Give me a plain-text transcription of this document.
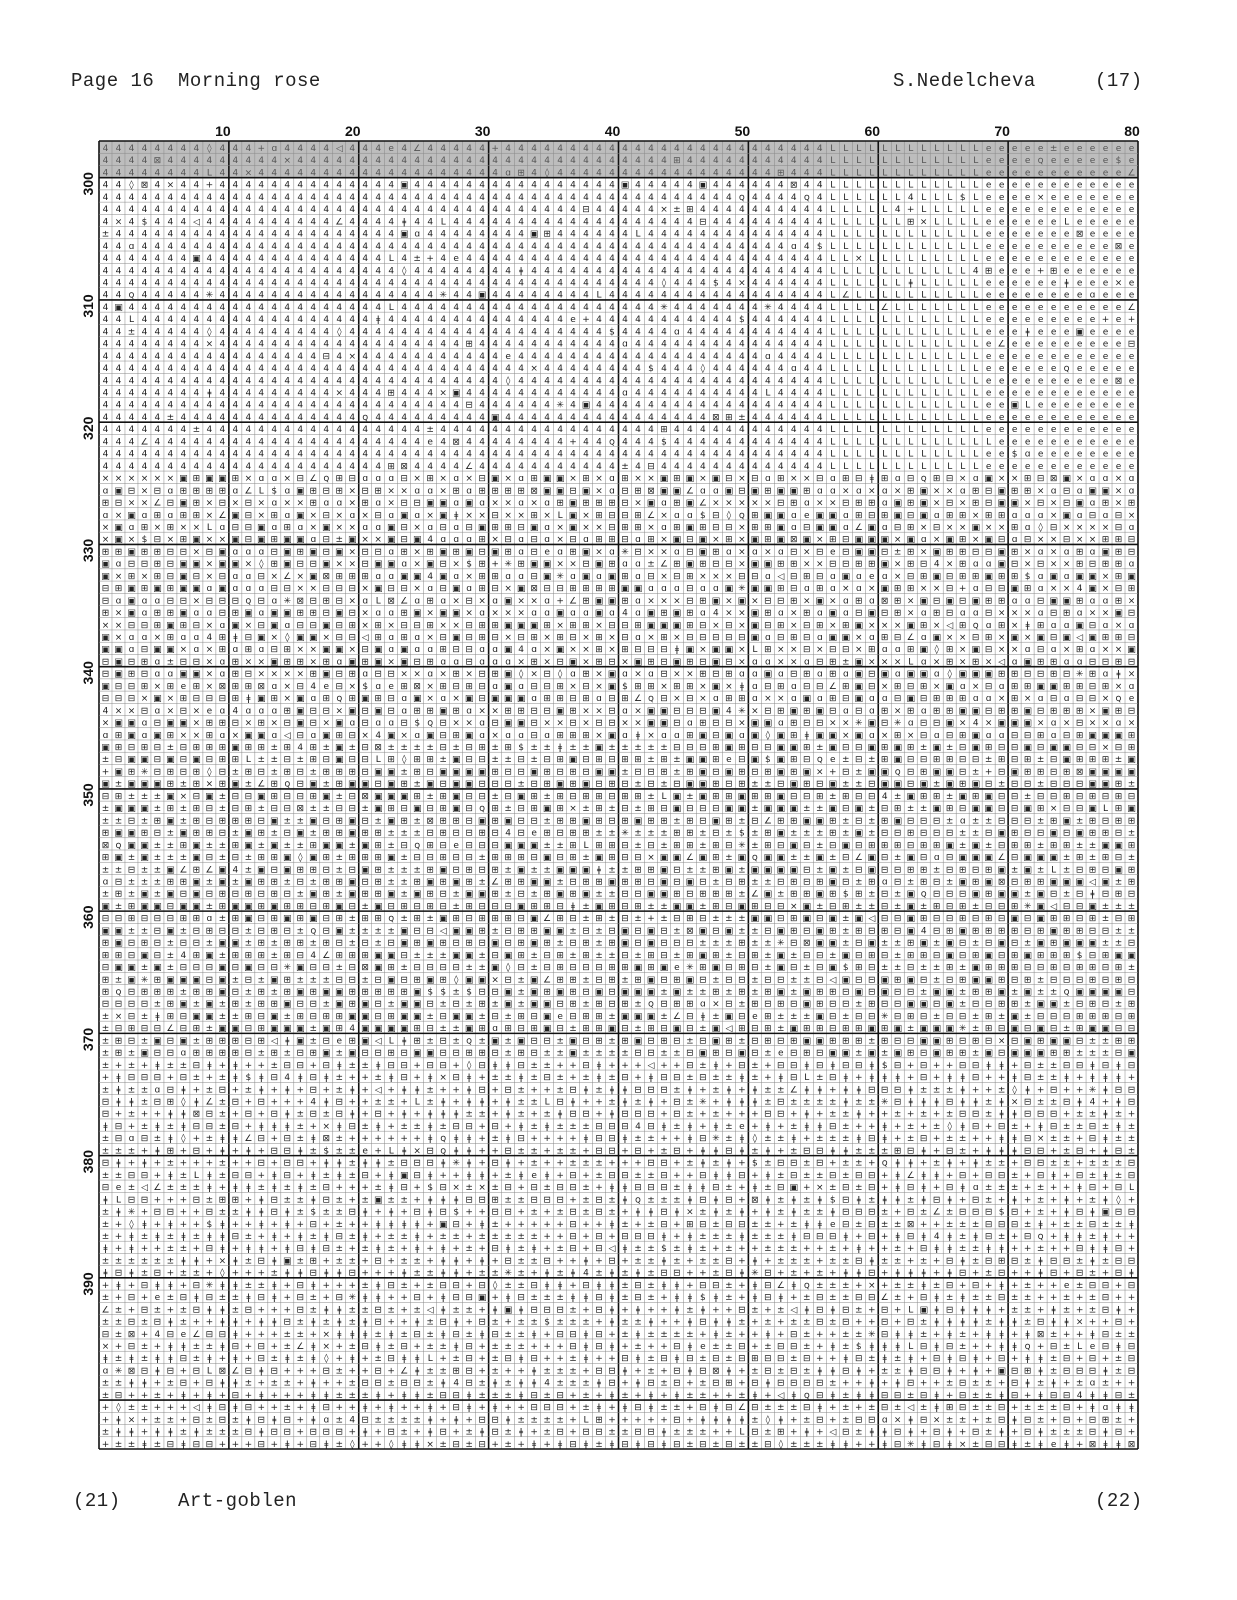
Page 16 Morning rose	S.Nedelcheva	(17)
4 4 4 4 4 4 4 4 ◊ 4 4 4 + ɑ 4 4 4 4 ◁ 4 4 4 e 4 ∠ 4 4 4 4 4 + 4 4 4 4 4 4 4 4 4 4 4 4 4 4 4 4 4 4 4 4 4 4 4 4 4 L L L L L L L L L L L L e e e e e ± e e e e e e
4 4 4 4 ⊠ 4 4 4 4 4 4 4 4 4 × 4 4 4 4 4 4 4 4 4 4 4 4 4 4 4 4 4 4 4 4 4 4 4 4 4 4 4 4 4 ⊞ 4 4 4 4 4 4 4 4 4 4 4 L L L L L L L L L L L L e e e e ꞯ e e e e e $ e
4 4 4 4 4 4 4 4 L 4 4 × 4 4 4 4 4 4 4 4 4 4 4 4 4 4 4 4 4 4 4 ɑ ⊞ 4 ◊ 4 4 4 4 4 4 4 4 4 4 4 4 4 4 4 4 4 ⊞ 4 4 4 L L L L L L L L L L L L e e e e e e e e e e e ∠
4 4 ◊ ⊠ 4 × 4 4 + 4 4 4 4 4 4 4 4 4 4 4 4 4 4 ▣ 4 4 4 4 4 4 4 4 4 4 4 4 4 4 4 4 ▣ 4 4 4 4 4 ▣ 4 4 4 4 4 4 ⊠ 4 4 L L L L L L L L L L L L e e e e e e e e e e e e
4 4 4 4 4 4 4 4 4 4 4 4 4 4 4 4 4 4 4 4 4 4 4 4 4 4 4 4 4 4 4 4 4 4 4 4 4 4 4 4 4 4 4 4 4 4 4 4 4 ꞯ 4 4 4 4 ꞯ 4 L L L L L L 4 L L L $ L e e e e × e e e e e e e
4 4 4 4 4 4 4 4 4 4 4 4 4 4 4 4 4 4 4 4 4 4 4 4 4 4 4 4 4 4 4 4 4 4 4 4 4 ⊟ 4 4 4 4 4 × ± ⊞ 4 4 4 4 4 4 4 4 4 4 L L L L L 4 + L L L L L e e e e e e e e e e e e
4 × 4 $ 4 4 4 ◁ 4 4 4 4 4 4 4 4 4 4 ∠ 4 4 4 4 ǂ 4 4 L 4 4 4 4 4 4 4 4 4 4 4 4 4 4 4 4 4 4 4 ⊟ 4 4 4 4 4 4 4 4 4 L L L L L L ⊞ × L L L L e e e e e e L e e e e e
± 4 4 4 4 4 4 4 4 4 4 4 4 4 4 4 4 4 4 4 4 4 4 ▣ ɑ 4 4 4 4 4 4 4 4 ▣ ⊞ 4 4 4 4 4 4 L 4 4 4 4 4 4 4 4 4 4 4 4 4 4 L L L L L L L L L L L L e e e e e e e ⊠ e e e e
4 4 ɑ 4 4 4 4 4 4 4 4 4 4 4 4 4 4 4 4 4 4 4 4 4 4 4 4 4 4 4 4 4 4 4 4 4 4 4 4 4 4 4 4 4 4 4 4 4 4 4 4 4 4 ɑ 4 $ L L L L L L L L L L L L e e e e e e e e e e ⊠ e
4 4 4 4 4 4 4 ▣ 4 4 4 4 4 4 4 4 4 4 4 4 4 4 L 4 ± + 4 e 4 4 4 4 4 4 4 4 4 4 4 4 4 4 4 4 4 4 4 4 4 4 4 4 4 4 4 4 L L × L L L L L L L L L e e e e e e e e e e e e
4 4 4 4 4 4 4 4 4 4 4 4 4 4 4 4 4 4 4 4 4 4 4 ◊ 4 4 4 4 4 4 4 4 ǂ 4 4 4 4 4 4 4 4 4 4 4 4 4 4 4 4 4 4 4 4 4 4 4 L L L L L L L L L L L 4 ⊞ e e e + ⊞ e e e e e e
4 4 4 4 4 4 4 4 4 4 4 4 4 4 4 4 4 4 4 4 4 4 4 4 4 4 4 4 4 4 4 4 4 4 4 4 4 4 4 4 4 4 4 ◊ 4 4 4 $ 4 × 4 4 4 4 4 4 L L L L L L ǂ L L L L L e e e e e e ǂ e e e × e
4 4 ꞯ 4 4 4 4 4 ✳ 4 4 4 4 4 4 4 4 4 4 4 4 4 4 4 4 4 ✳ 4 4 ▣ 4 4 4 4 4 4 4 4 L 4 4 4 4 4 4 4 4 4 4 4 4 4 4 4 4 4 L ∠ L L L L L L L L L L e e e e e e e e ɑ e e e
4 ▣ 4 4 4 4 4 4 4 4 4 4 4 4 4 4 4 4 4 4 4 4 L 4 4 4 4 4 4 4 4 4 4 4 4 4 4 4 4 4 4 4 4 ✳ 4 4 4 4 4 4 4 ✳ 4 4 4 4 L L L L ∠ L L L L L L L e e e e e e e e e e e ∠
4 4 L 4 4 4 4 4 4 4 4 4 4 4 4 4 4 4 4 4 4 ǂ 4 4 4 4 4 4 4 4 4 4 4 4 4 4 e + 4 4 4 4 4 4 4 4 4 4 4 $ 4 4 4 4 4 4 L L L L L L L L L L L L e e e e e e e e e + e +
4 4 ± 4 4 4 4 4 ◊ 4 4 4 4 4 4 4 4 4 ◊ 4 4 4 4 4 4 4 4 4 4 4 4 4 4 4 4 4 4 4 4 $ 4 4 4 4 ɑ 4 4 4 4 4 4 4 4 4 4 4 L L L L L L L L L L L L e e e ǂ e e e ▣ e e e e
4 4 4 4 4 4 4 4 × 4 4 4 4 4 4 4 4 4 4 4 4 4 4 4 4 4 4 4 ⊞ 4 4 4 4 4 4 4 4 4 4 4 ɑ 4 4 4 4 4 4 4 4 4 4 4 4 4 4 4 L L L L L L L L L L L L e ∠ e e e e e e e e e ⊟
4 4 4 4 4 4 4 4 4 4 4 4 4 4 4 4 4 ⊟ 4 × 4 4 4 4 4 4 4 4 4 4 4 e 4 4 4 4 4 4 4 4 4 4 4 4 4 4 4 4 4 4 4 ɑ 4 4 4 4 L L L L L L L L L L L L e e e e e e e e e e e e
4 4 4 4 4 4 4 4 4 4 4 4 4 4 4 4 4 4 4 4 4 4 4 4 4 4 4 4 4 4 4 4 4 × 4 4 4 4 4 4 4 4 $ 4 4 4 ◊ 4 4 4 4 4 4 ɑ 4 4 L L L L L L L L L L L L e e e e e e ꞯ e e e e e
4 4 4 4 4 4 4 4 4 4 4 4 4 4 4 4 4 4 4 4 4 4 4 4 4 4 4 4 4 4 4 ◊ 4 4 4 4 4 4 4 4 4 4 4 4 4 4 4 4 4 4 4 4 4 4 4 4 L L L L L L L L L L L L e e e e e e e e e e ⊠ e
4 4 4 4 4 4 4 4 ǂ 4 4 4 4 4 4 4 4 4 × 4 4 4 ⊞ 4 4 4 × ▣ 4 4 4 4 4 4 4 4 4 4 4 4 ɑ 4 4 4 4 4 4 4 4 4 4 L 4 4 4 4 L L L L L L L L L L L L e e e e e e e e e e e e
4 4 4 4 4 4 4 4 4 4 4 4 4 4 4 4 4 4 4 4 4 4 4 4 4 4 4 4 ⊟ 4 4 4 4 4 4 ✳ 4 ▣ 4 4 4 4 4 4 4 4 4 4 4 4 4 4 4 4 4 4 L L L L L L L L L L L L e e ▣ L e e e e e e e e
4 4 4 4 4 ± 4 4 4 4 4 4 4 4 4 4 4 4 4 4 ꞯ 4 4 4 4 4 4 4 4 4 ▣ 4 4 4 4 4 4 4 4 4 4 4 4 4 4 4 4 ⊠ ⊞ ± 4 4 4 4 4 4 L L L L L L L L L L L L e e e e e e e e e e e e
4 4 4 4 4 4 4 ± 4 4 4 4 4 4 4 4 4 4 4 4 4 4 4 4 4 ± 4 4 4 4 4 4 4 4 4 4 4 4 4 4 4 4 4 ⊞ 4 4 4 4 4 4 4 4 4 4 4 4 L L L L L L L L L L L L e e e e e e e e e e e e
4 4 4 ∠ 4 4 4 4 4 4 4 4 4 4 4 4 4 4 4 4 4 4 4 4 4 e 4 ⊠ 4 4 4 4 4 4 4 4 + 4 4 ꞯ 4 4 4 $ 4 4 4 4 4 4 4 4 4 4 4 4 L L L L L L L L L L L L L e e e e e e e e e e e
4 4 4 4 4 4 4 4 4 4 4 4 4 4 4 4 4 4 4 4 4 4 4 4 4 4 4 4 4 4 4 4 4 4 4 4 4 4 4 4 4 4 4 4 4 4 4 4 4 4 4 4 4 4 4 4 L L L L L L L L L L L L e e $ ɑ e e e e e e e e
4 4 4 4 4 4 4 4 4 4 4 4 4 4 4 4 4 4 4 4 4 4 ⊞ ⊠ 4 4 4 4 ∠ 4 4 4 4 4 4 4 4 4 4 4 ± 4 ⊟ 4 4 4 4 4 4 4 4 4 4 4 4 4 L L L L L L L L L L L L e e e e e e e e e e e e
× × × × × × ▣ ⊞ ▣ ▣ ⊞ × ɑ ɑ × ⊟ ∠ ꞯ ⊞ ⊟ ɑ ɑ ɑ ⊟ × ⊞ × ɑ × ⊟ ▣ × ɑ ⊞ ▣ ▣ × ⊞ × ɑ ⊞ × × ▣ ⊞ ▣ × ▣ ⊟ × ⊟ ɑ ⊞ × × ⊟ ɑ ⊞ ⊟ ǂ ⊞ ɑ ⊟ ꞯ ⊞ ⊟ × ɑ ▣ × × ⊞ ⊟ ⊠ ▣ × ɑ ɑ × ɑ
ɑ ▣ ⊟ × ⊟ ɑ ⊞ ⊞ ⊞ ⊞ ɑ ∠ L $ ɑ ▣ ⊞ ⊟ ⊞ × ⊟ ⊞ × × ɑ ɑ × ⊞ ɑ ⊞ ⊞ ⊞ ⊞ ⊠ ▣ ▣ ⊟ ▣ × ɑ ⊟ ⊞ ⊠ ▣ ▣ ∠ ɑ ɑ ▣ ⊟ ▣ ⊞ ▣ ▣ ⊞ ɑ ɑ × ɑ × ɑ × ⊞ ▣ × × ɑ ⊞ ⊟ ▣ ⊞ ⊞ × ɑ ⊟ ɑ ▣ ▣ × ɑ
⊞ ⊟ × × ∠ ⊟ ▣ ⊞ × ⊟ × ⊟ × ɑ × × ⊞ ɑ ɑ × ⊞ ɑ × ⊟ ⊟ ▣ ▣ ɑ ▣ ɑ × × ɑ × ɑ ⊞ ▣ ⊞ ⊞ ⊞ ⊟ × ▣ ɑ ⊞ ▣ ∠ × × × × × ⊟ ⊞ ɑ × × ⊟ ⊞ ⊞ ɑ ▣ ⊞ ▣ × ⊟ × ⊞ ⊟ ▣ ▣ × ⊟ × ⊟ ▣ ɑ ⊞ × ⊞
ɑ × ▣ ɑ ⊞ ɑ ⊞ ⊞ × ∠ ▣ ⊟ × ⊞ ɑ ▣ × ⊟ × ɑ × ⊟ ɑ ▣ ɑ × ▣ ǂ × × ⊟ × × ⊞ × L ▣ × ⊞ ⊟ ⊟ ⊞ ∠ × ɑ ɑ $ ⊟ ◊ ꞯ ⊞ ▣ ▣ ɑ e ▣ ▣ ɑ ⊞ ⊟ ⊞ ▣ ⊟ ▣ ɑ ⊞ ⊞ × ⊞ ⊞ ɑ ɑ ɑ × ▣ ɑ ⊟ ɑ ⊟ ×
× ▣ ɑ ⊞ × ⊞ × × L ɑ ⊟ ⊟ ▣ ɑ ⊞ ɑ × ▣ × × ɑ ɑ ▣ ⊟ × ɑ ⊟ ɑ ⊟ ▣ ⊞ ⊞ ⊟ ▣ ɑ × ▣ × × ⊟ ⊞ ⊞ × ɑ ⊞ ▣ ⊞ ⊟ ⊟ × ⊞ ⊞ ▣ ɑ ⊟ ▣ ▣ ɑ ∠ ▣ ɑ ⊟ ⊞ × ⊟ × × ▣ × × ⊞ ɑ ◊ ⊟ × × × × ⊟ ɑ
× ▣ × $ ⊟ × ⊞ ▣ × × ▣ ⊟ ▣ ⊞ ▣ ▣ ɑ ⊟ ± ▣ × × ▣ ⊟ ▣ 4 ɑ ɑ ɑ ⊞ × ⊟ ɑ ⊟ ɑ × ⊟ ɑ ⊞ ⊞ ⊟ ɑ ⊞ × ▣ ⊟ ▣ × ⊞ × ▣ ⊞ ▣ ⊠ ▣ × ⊞ ⊟ ▣ ▣ ▣ × ▣ ɑ × ▣ ⊞ × ▣ ⊟ ɑ ⊟ × × ⊟ × × ⊞ ⊞ ⊟
⊞ ⊞ ▣ ⊞ ⊞ ⊟ ⊟ × ⊟ ▣ ɑ ɑ ɑ ⊟ ▣ ⊞ ▣ ⊟ ▣ × ⊟ ⊟ ɑ ⊞ × ⊞ ▣ ⊞ ▣ ⊟ ▣ ⊞ ɑ ⊟ e ɑ ⊞ ▣ × ɑ ✳ ⊟ × × ɑ ⊟ ▣ ⊞ ɑ × ɑ × ɑ ⊟ × ⊟ e ⊟ ▣ ▣ ⊟ ± ⊞ × ▣ ⊞ ⊞ ⊟ ⊟ ▣ ⊞ × ɑ × ɑ ⊞ ɑ ▣ ⊞ ⊟
▣ ɑ ⊟ ⊟ ⊞ ⊟ ▣ ▣ × ▣ ▣ × ◊ ⊞ ▣ ⊟ ⊟ ▣ × × ⊟ ▣ ▣ ɑ × ▣ ⊟ × $ ⊞ + ✳ ⊞ ▣ ▣ × × ⊟ ▣ ⊞ ɑ ɑ ± ∠ ⊞ ▣ ⊞ ⊟ ⊟ × ▣ ▣ ⊞ ⊞ × × ⊟ ⊟ ⊞ ⊞ ▣ × ⊞ ⊟ 4 × ⊞ ɑ ɑ ▣ ⊟ × ⊟ × × ⊞ ⊟ ⊞ ⊞ ɑ
▣ × ⊞ × ⊞ ⊟ ▣ ⊟ × ⊟ ɑ ɑ ⊟ × ∠ × ▣ ⊠ ⊞ ⊞ ⊞ ɑ ɑ ▣ ▣ 4 ▣ ɑ × ⊞ ⊞ ɑ ɑ ⊟ ▣ ✳ ɑ ▣ ɑ ▣ ⊞ ɑ ⊟ × ⊟ ⊞ × × × ⊟ ⊟ ɑ ◁ ⊟ ⊞ ⊟ ɑ ▣ ɑ e ɑ × ⊟ ⊞ ▣ ⊟ ⊞ ⊞ ▣ ⊞ ⊞ $ ɑ ▣ ɑ ▣ ▣ × ⊞ ▣
⊟ ⊞ ▣ ⊞ ▣ ⊞ ▣ ▣ ɑ ▣ ɑ ɑ ɑ ⊟ ⊟ × × ⊟ ⊟ ⊟ × ▣ ⊟ ⊟ × ɑ ⊟ ▣ ɑ ⊞ ⊟ × ▣ ⊠ ⊟ ⊟ ⊞ ⊞ ⊞ ⊞ ▣ ▣ ɑ ɑ ɑ ⊟ ɑ ɑ ▣ ✳ ▣ ▣ ⊞ ⊟ ɑ ⊞ ɑ × ɑ × ▣ ⊞ ⊞ × × ⊟ + ɑ ⊟ ⊟ ▣ ⊞ ɑ × × 4 ▣ × ⊟ ⊞
⊟ ɑ ▣ ɑ ɑ ⊟ ⊟ × ⊟ ⊟ ⊟ ꞯ ⊟ ɑ ✳ ⊠ ⊟ ⊞ ⊟ × ɑ L ⊠ ∠ ɑ ⊞ ɑ × ⊟ × ɑ ▣ × × ɑ + ∠ ⊞ ▣ ▣ ⊞ ɑ × × × ⊟ ⊞ ▣ × ▣ × ⊟ ⊟ ⊞ × ▣ × ɑ ⊞ ɑ ⊠ ⊞ × ▣ ⊟ ▣ ⊟ ▣ ⊞ ⊞ ɑ ɑ ⊟ ▣ ▣ ⊞ ɑ ɑ ⊞ ×
⊞ × ▣ ɑ ⊞ ⊞ ▣ ɑ ɑ ⊟ ⊞ ▣ ɑ ▣ ▣ ⊞ ⊞ ⊟ ▣ ⊟ × ɑ ɑ ⊞ ▣ × ▣ ▣ × ɑ × × × ɑ ɑ ▣ ɑ ɑ ▣ ɑ 4 ɑ ▣ ⊞ ▣ ⊞ ɑ 4 × × ▣ ⊞ ɑ × ⊞ ɑ ▣ ɑ ⊟ ▣ ⊟ ⊞ × ɑ ⊞ ⊟ ɑ ɑ ⊟ × × × ɑ ⊟ ⊞ ɑ × × ▣ ⊟
× × ⊟ ⊟ ⊞ ▣ ⊞ ⊟ × ɑ ▣ × ⊟ ▣ ɑ ⊟ ⊟ ▣ ⊟ ⊞ × ⊞ × ⊟ ⊟ ⊞ × × ⊟ ⊞ ⊞ ▣ ▣ ▣ ⊞ × ⊞ ⊞ × ⊟ ⊟ ⊞ ▣ ▣ ▣ ⊞ ⊟ × ⊟ × ▣ ⊟ ⊞ × ⊟ ⊞ × ⊞ ▣ × × × ▣ ⊞ × ◁ ⊞ ꞯ ɑ ⊞ × ǂ ⊞ ɑ ɑ ▣ ⊟ ɑ × ɑ
▣ × ɑ ɑ × ⊞ ɑ ɑ 4 ⊞ ǂ ⊟ ▣ × ◊ ▣ ▣ × ⊟ ⊟ ◁ ⊞ ɑ ⊞ ɑ × ⊟ ▣ ⊟ ⊞ ⊟ × ⊟ ⊞ × ⊞ ⊟ × ⊞ × ⊟ ɑ × ⊞ × ⊟ ⊟ ⊟ ⊟ ⊟ ▣ ɑ ⊟ ⊞ ⊟ ɑ ▣ ▣ × ɑ ⊞ ⊟ ∠ ɑ ▣ × × ⊟ ⊞ × ▣ × ▣ ⊟ ▣ ◁ ▣ ⊞ ⊞ ⊟
▣ ▣ ɑ ⊟ ▣ ▣ × ɑ × ⊞ ɑ ⊞ ɑ ⊟ ⊞ × × ▣ ▣ × ⊟ ▣ ɑ ▣ ɑ ɑ ⊞ ⊟ ⊟ ɑ ɑ ▣ 4 ɑ × ▣ × × ⊞ × ⊞ ⊟ ⊟ ⊟ ǂ ▣ × ▣ ▣ × L ⊞ × × ⊟ × ⊟ ⊟ × ⊞ ɑ ɑ ⊞ ▣ ◊ ⊞ × ▣ ⊟ × × ɑ ⊟ ɑ × ⊞ ɑ × × ▣
⊟ ▣ ⊟ ⊞ ɑ ± ⊟ ⊟ × ɑ ⊞ × × ▣ ⊞ ⊞ × ⊞ ɑ ▣ ⊞ ▣ × ▣ ⊟ ⊞ ɑ ɑ ⊟ ɑ ɑ ɑ × ⊞ × ⊟ ▣ × ⊞ ⊟ × ▣ ⊞ ⊟ ▣ ⊞ ⊟ ▣ ⊟ × ɑ ɑ × × ɑ ⊟ ⊞ ± ▣ × × × L ɑ × ⊞ × ⊞ × ◁ ɑ ▣ ⊞ ⊞ ɑ ɑ ⊟ ⊟ ⊞ ⊟
⊟ ▣ ⊞ ⊟ ɑ ɑ ▣ ▣ × ɑ ⊞ ⊟ × × × × ⊞ ▣ ⊟ ⊞ ɑ ⊟ ⊟ × × ɑ × ⊞ × ⊟ ⊞ ▣ ◊ × ⊟ ◊ ɑ ⊞ × ▣ ɑ × ɑ ⊟ × × ⊞ ⊟ ⊞ ɑ ɑ ▣ ɑ ⊟ ⊞ ɑ ⊞ ɑ ▣ ⊟ ▣ ɑ ▣ ▣ ɑ ◊ ▣ ▣ ▣ ⊞ ⊞ ⊟ ⊟ ⊞ ⊟ ✳ ⊞ ɑ ǂ ×
▣ ⊟ ⊟ ⊞ × ⊞ e ⊞ × ⊠ ⊞ ⊞ ⊠ ɑ × ⊟ 4 e ⊟ × $ ɑ e ⊞ ⊠ × ⊞ ⊟ ⊞ ⊟ ɑ ▣ ɑ ⊟ ⊟ ⊞ × ⊟ × ▣ $ ⊞ ⊞ × ⊞ ⊞ × ▣ × ǂ ɑ ⊟ ⊞ ɑ ⊟ ⊟ ∠ ⊞ ▣ ⊟ × ⊞ ⊟ ⊞ × ▣ ɑ × ⊟ ɑ ⊞ ⊞ ▣ ▣ ⊞ ⊞ ⊟ ⊞ × ɑ
⊟ ⊟ ⊟ × ▣ × ⊞ ⊟ ⊟ ⊟ ⊞ ǂ ▣ ⊞ × ▣ ɑ ⊞ ꞯ ⊞ ▣ ⊞ ⊟ ɑ ▣ × ɑ × ▣ ⊟ ▣ ▣ ▣ ɑ ⊞ ⊞ ⊟ ⊞ ɑ ⊟ ⊞ ∠ ꞯ ⊟ × ⊟ × ɑ ⊞ ⊞ ɑ × × ɑ ▣ ɑ ⊞ ⊟ ▣ ɑ ɑ ⊟ ▣ ⊟ ⊞ ⊞ ⊞ ɑ ɑ × ⊞ × ɑ ⊟ ɑ ⊟ ⊟ × ꞯ e
4 × × ⊟ ɑ × ⊟ × e ɑ 4 ɑ ɑ ɑ ⊞ ▣ ⊟ ⊟ × ▣ ⊟ ▣ ⊟ ɑ ⊞ ⊞ ▣ ⊞ ɑ × × ⊞ ⊞ ⊟ ⊟ ▣ ⊞ × × ⊟ ɑ × ▣ ▣ ⊟ ⊟ ⊟ ▣ 4 ✳ × ⊟ ⊞ ▣ ⊞ ▣ ⊟ ɑ ⊟ ɑ ⊞ × ⊞ ɑ ⊞ ⊞ ▣ ▣ ⊟ ⊞ ⊞ ▣ ⊟ ⊞ ⊞ ⊞ × ▣ ⊞ ⊟
× ▣ ▣ ɑ ⊟ ▣ ▣ × ⊞ ⊞ ⊟ × ⊞ × ⊟ ▣ ⊟ × ▣ ɑ ⊟ ɑ ɑ ⊟ $ ꞯ ⊟ × × ɑ ⊟ ▣ ▣ ⊟ × × ⊟ × ⊟ ⊟ × × ▣ ▣ ⊟ ɑ ⊞ ⊟ ⊟ × ▣ ▣ ɑ ⊞ ⊟ ⊟ × × ✳ ▣ ⊟ ✳ ɑ ⊟ ⊟ ▣ × 4 × ▣ ▣ ▣ × ɑ × ⊟ × × ɑ ×
ɑ ⊞ ▣ ɑ ▣ ⊞ × × ⊞ ɑ × ▣ ▣ ɑ ◁ ⊟ ɑ ▣ ⊞ ⊟ × 4 ▣ × ɑ ▣ ⊟ ⊞ ▣ ɑ × ɑ ɑ ⊟ ɑ ⊞ ⊞ ⊞ × ▣ ɑ ǂ × ɑ ɑ ⊞ ▣ ⊟ ▣ ɑ ▣ ◊ ▣ ⊞ ǂ ▣ ▣ × ▣ ɑ × ⊞ × ⊟ ɑ ⊟ ⊞ ▣ ɑ ɑ ⊟ ⊟ ⊞ ɑ ⊟ ⊞ ▣ ▣ ▣ ⊞
▣ ⊞ ⊟ ⊞ ⊟ ± ⊟ ⊞ ⊞ ⊞ ▣ ⊞ ⊞ ± ⊞ 4 ⊞ ± ▣ ± ⊟ ⊠ ± ± ± ± ⊟ ± ⊟ ⊞ ± ⊞ $ ± ± ǂ ± ± ▣ ± ± ± ± ± ⊟ ⊟ ⊟ ⊞ ▣ ⊞ ⊟ ⊟ ▣ ▣ ⊞ ± ▣ ⊟ ⊟ ▣ ⊞ ▣ ⊞ ± ▣ ± ⊟ ▣ ⊞ ⊟ ⊟ ▣ ⊟ ▣ ▣ ⊟ ⊟ × ⊟ ⊞
± ⊟ ▣ ▣ ⊟ ▣ ⊟ ▣ ⊟ ⊞ ⊞ L ± ± ⊟ ± ⊞ ⊟ ▣ ⊟ ⊟ L ⊞ ◊ ⊞ ⊞ ± ▣ ⊟ ⊟ ± ± ⊟ ± ⊟ ⊞ ▣ ⊟ ⊞ ⊟ ⊞ ⊞ ± ⊞ ± ▣ ▣ ⊞ e ⊟ ▣ $ ▣ ⊞ ⊟ ꞯ e ± ⊟ ± ⊞ ▣ ⊟ ⊟ ⊞ ⊞ ⊟ ⊟ ± ⊞ ⊟ ⊞ ± ⊟ ▣ ⊞ ⊞ ⊞ ± ▣
+ ▣ ⊞ ✳ ⊟ ⊞ ⊟ ⊞ ◊ ⊟ ± ⊞ ⊟ ± ⊞ ⊟ ± ⊞ ⊞ ⊞ ⊟ ▣ ▣ ± ⊞ ⊟ ▣ ▣ ▣ ▣ ⊞ ⊟ ⊟ ▣ ⊞ ⊟ ⊞ ⊟ ▣ ▣ ± ⊟ ⊟ ⊞ ± ⊞ ▣ ⊟ ▣ ⊞ ⊟ ⊞ ▣ ⊞ ▣ × + ⊟ ± ▣ ▣ ꞯ ⊟ ⊞ ▣ ▣ ⊟ ± + ⊟ ▣ ⊞ ⊞ ⊟ ⊞ ⊠ ▣ ▣ ▣ ▣
▣ ± ▣ ▣ ▣ ⊞ ± ⊞ × ⊞ ▣ ± ∠ ⊞ ꞯ ⊟ ▣ ± ⊞ ▣ ▣ ⊟ ▣ ⊞ ± ▣ ⊟ ▣ ▣ ⊟ ⊟ ⊟ ± ⊟ ⊞ ▣ ⊞ ▣ ⊟ ⊞ ⊟ ± ⊟ ± ⊟ ▣ ▣ ⊞ ⊟ ⊞ ± ± ⊟ ▣ ⊞ ⊟ ▣ ± ± ⊟ ▣ ▣ ⊟ ▣ ± ▣ ⊞ ▣ ⊟ ± ⊟ ⊟ ± ⊟ ⊟ ⊟ ▣ ▣ ⊞ ±
⊟ ⊞ ± ± ± ▣ × ⊟ ▣ ± ⊟ ⊟ ▣ ⊞ ⊟ ⊟ ⊞ ▣ ± ⊟ ⊠ ▣ ▣ ▣ ⊞ ± ⊞ ▣ ⊟ ⊟ ± ⊟ ▣ ⊞ ± ⊞ ⊟ ⊞ ⊞ ⊟ ⊞ ⊞ ± L ▣ ± ▣ ⊞ ⊞ ▣ ⊞ ⊞ ▣ ⊟ ⊟ ⊞ ± ⊞ ⊟ ⊟ 4 ± ▣ ⊞ ⊞ ± ▣ ⊞ ▣ ⊟ ⊟ ± ⊟ ⊟ ⊞ ⊟ ⊞ ⊟ ⊞ ⊟
± ▣ ▣ ▣ ± ⊞ ± ⊞ ⊟ ± ⊟ ⊞ ± ⊟ ⊟ ⊠ ± ± ⊟ ⊟ ± ▣ ⊞ ⊟ ▣ ⊟ ⊞ ▣ ⊟ ꞯ ⊞ ± ⊟ ⊞ ▣ ⊞ × ± ⊞ ± ⊟ ± ⊞ ⊟ ▣ ⊟ ⊟ ⊟ ▣ ▣ ± ▣ ▣ ▣ ± ± ▣ ⊟ ▣ ± ⊟ ⊞ ± ± ▣ ⊞ ⊟ ▣ ▣ ⊟ ⊟ ▣ ⊞ × ⊟ ⊟ ▣ L ⊞ ▣
± ± ⊟ ± ⊞ ▣ ± ⊞ ⊟ ⊞ ⊞ ⊞ ⊟ ▣ ± ± ▣ ⊟ ⊞ ▣ ⊟ ± ▣ ⊞ ± ⊠ ⊞ ⊞ ⊟ ▣ ⊞ ▣ ⊟ ⊟ ± ⊞ ⊞ ▣ ⊞ ⊟ ⊞ ▣ ⊞ ⊞ ± ⊞ ⊟ ▣ ⊞ ± ⊟ ∠ ⊞ ⊞ ▣ ▣ ⊞ ± ⊟ ± ⊞ ▣ ⊟ ⊟ ⊟ ± ɑ ± ± ⊟ ⊟ ⊟ ± ⊞ ▣ ± ⊞ ⊟ ⊞ ⊞
⊞ ▣ ▣ ⊞ ⊟ ± ▣ ⊞ ⊞ ⊟ ± ▣ ⊞ ± ⊟ ▣ ± ⊞ ⊞ ▣ ⊞ ⊞ ± ± ± ⊟ ⊞ ⊟ ⊟ ⊞ ⊟ 4 ⊟ e ⊞ ⊟ ⊞ ⊞ ± ± ✳ ± ± ± ⊞ ⊞ ± ⊟ ± $ ± ⊞ ▣ ± ± ± ⊞ ± ▣ ± ⊟ ⊟ ⊞ ⊟ ⊟ ⊟ ± ± ⊟ ▣ ⊞ ⊟ ⊟ ▣ ⊟ ▣ ⊞ ⊞ ⊟ ±
⊠ ꞯ ▣ ▣ ± ± ⊞ ▣ ± ± ⊞ ▣ ± ▣ ± ± ⊞ ▣ ▣ ± ▣ ⊞ ± ⊟ ꞯ ⊞ ⊟ e ⊟ ⊟ ⊟ ▣ ▣ ▣ ± ± ⊞ L ⊞ ⊞ ⊟ ± ⊟ ± ⊞ ⊞ ± ⊞ ⊟ ✳ ± ⊞ ⊟ ▣ ⊟ ± ⊟ ▣ ⊟ ⊞ ⊞ ⊞ ⊟ ⊞ ⊞ ▣ ± ▣ ± ⊟ ⊞ ⊞ ± ⊞ ⊞ ± ± ▣ ▣ ⊞
⊞ ▣ ± ▣ ± ± ± ▣ ⊟ ± ⊟ ± ⊞ ⊞ ▣ ◊ ▣ ⊞ ± ⊞ ⊞ ⊞ ▣ ± ⊟ ⊟ ⊞ ⊟ ⊟ ± ⊞ ⊞ ⊞ ⊟ ▣ ⊟ ⊞ ± ▣ ⊞ ⊟ ⊟ × ▣ ▣ ∠ ▣ ⊞ ± ▣ ꞯ ▣ ▣ ± ± ▣ ± ⊟ ∠ ▣ ⊟ ± ▣ ⊟ ɑ ⊟ ▣ ▣ ▣ ∠ ⊟ ▣ ▣ ▣ ± ⊞ ± ⊞ ⊟ ±
± ± ⊟ ± ± ▣ ∠ ⊞ ∠ ▣ 4 ± ▣ ⊟ ▣ ⊞ ⊞ ⊟ ± ⊟ ▣ ⊞ ± ± ± ⊞ ▣ ⊟ ⊞ ⊟ ⊞ ± ▣ ± ± ▣ ▣ ▣ ǂ ± ± ⊞ ⊞ ▣ ⊟ ± ± ⊞ ▣ ± ▣ ▣ ▣ ▣ ⊟ ± ▣ ± ⊟ ▣ ⊟ ⊟ ⊞ ⊞ ± ⊟ ⊞ ⊟ ⊞ ▣ ± ▣ ± L ± ⊟ ⊞ ⊟ ▣ ⊞
ɑ ⊟ ± ± ± ⊞ ⊞ ▣ ± ▣ ± ▣ ⊞ ⊞ ± ⊟ ± ⊞ ⊞ ▣ ⊟ ⊞ ± ± ⊞ ▣ ⊞ ▣ ⊞ ± ∠ ⊞ ⊞ ▣ ▣ ± ⊟ ⊞ ⊞ ▣ ⊞ ⊞ ⊟ ▣ ⊟ ▣ ⊟ ± ⊟ ⊞ ± ± ⊟ ⊞ ⊟ ⊞ ▣ ⊟ ± ⊞ ɑ ⊟ ± ⊞ ⊟ ± ▣ ⊞ ▣ ⊠ ⊟ ⊞ ⊞ ▣ ▣ ▣ ◁ ▣ ± ⊞
± ⊞ ± ▣ ± ▣ ⊟ ▣ ⊟ ⊞ ⊟ ⊞ ⊟ ⊞ ⊟ ± ▣ ⊞ ± ▣ ⊞ ⊞ ▣ ± ▣ ⊞ ⊟ ± ▣ ▣ ⊞ ± ⊟ ± ⊞ ▣ ⊞ ▣ ± ± ⊟ ⊟ ▣ ▣ ⊞ ⊟ ⊞ ⊞ ⊞ ± ∠ ▣ ± ⊞ ⊞ ▣ ⊞ $ ⊞ ± ⊟ ± ▣ ꞯ ⊟ ⊟ ⊟ ▣ ⊞ ▣ ▣ ± ▣ ⊟ ± ⊟ ǂ ⊟ ⊞ ⊟
▣ ± ⊞ ▣ ▣ ⊟ ▣ ▣ ± ⊞ ▣ ▣ ⊞ ▣ ⊞ ⊞ ⊟ ⊞ ▣ ⊟ ± ▣ ⊟ ⊞ ⊟ ⊞ ⊟ ± ⊞ ⊟ ⊟ ⊟ ▣ ⊞ ⊞ ⊟ ǂ ± ▣ ⊞ ⊟ ⊞ ± ± ▣ ▣ ± ⊞ ⊟ ▣ ⊞ ⊟ ⊟ × ▣ ± ⊟ ⊞ ± ± ⊟ ± ▣ ± ⊞ ⊟ ⊞ ± ⊟ ⊟ ⊞ ✳ ▣ ◁ ⊟ ⊟ ▣ ± ± ±
⊟ ⊟ ⊞ ⊟ ⊟ ⊟ ⊞ ⊞ ɑ ± ⊞ ▣ ⊟ ⊞ ▣ ⊞ ▣ ⊟ ⊞ ± ⊞ ⊞ ꞯ ± ⊞ ± ▣ ⊞ ⊟ ⊞ ⊞ ⊞ ⊟ ▣ ∠ ⊞ ⊟ ± ⊞ ± ⊟ ± + ± ⊟ ⊞ ⊟ ± ± ± ▣ ▣ ⊟ ⊞ ▣ ⊟ ▣ ± ▣ ◁ ⊟ ⊟ ▣ ⊞ ⊟ ⊟ ⊞ ⊟ ⊞ ⊟ ▣ ⊟ ▣ ⊞ ⊞ ⊟ ⊞ ± ⊟ ⊞
▣ ▣ ± ± ⊟ ▣ ± ⊟ ⊞ ⊟ ⊟ ± ⊟ ⊞ ⊟ ± ꞯ ⊟ ▣ ± ± ± ± ▣ ⊟ ⊟ ◁ ▣ ▣ ⊞ ± ⊟ ⊞ ⊞ ▣ ▣ ± ⊟ ± ⊟ ▣ ⊟ ▣ ⊟ ± ⊠ ▣ ⊟ ▣ ± ± ⊟ ▣ ⊞ ⊟ ▣ ⊞ ± ⊞ ⊟ ⊞ ⊟ ▣ 4 ⊟ ⊞ ▣ ⊞ ⊞ ⊞ ⊞ ⊟ ⊞ ▣ ⊞ ⊞ ⊟ ⊟ ± ±
⊞ ▣ ⊟ ⊞ ⊟ ± ⊟ ⊟ ± ▣ ▣ ± ⊞ ± ⊞ ⊞ ± ⊞ ⊟ ± ⊟ ± ⊟ ▣ ⊞ ▣ ⊞ ⊟ ⊞ ⊟ ▣ ⊟ ⊞ ▣ ⊞ ± ⊟ ⊞ ± ⊞ ▣ ⊟ ▣ ⊟ ⊟ ⊟ ± ± ± ⊞ ± ± ✳ ⊟ ⊠ ▣ ▣ ± ⊟ ▣ ± ± ⊞ ▣ ± ▣ ⊟ ± ⊟ ▣ ⊟ ± ▣ ⊞ ▣ ▣ ▣ ± ± ⊟
⊞ ⊞ ⊟ ▣ ⊟ ± 4 ⊞ ▣ ± ⊞ ⊞ ⊞ ± ⊞ ⊟ 4 ∠ ⊞ ⊞ ⊞ ▣ ▣ ⊟ ± ± ± ▣ ▣ ± ⊟ ▣ ⊞ ± ⊟ ⊞ ± ⊞ ± ± ⊟ ± ⊞ ⊟ ± ⊞ ▣ ⊞ ± ⊟ ⊞ ± ▣ ± ⊟ ⊟ ± ▣ ⊟ ⊞ ⊟ ± ⊞ ⊞ ⊟ ▣ ⊟ ⊞ ▣ ⊟ ⊞ ▣ ⊞ ⊞ ⊞ $ ⊟ ⊞ ▣ ▣
⊟ ▣ ▣ ± ▣ ± ⊟ ⊟ ⊟ ▣ ⊟ ▣ ⊟ ⊟ ✳ ▣ ⊟ ⊟ ± ⊟ ⊠ ▣ ⊞ ± ⊟ ⊟ ⊟ ⊟ ± ± ▣ ◊ ⊟ ± ⊟ ⊞ ⊟ ⊟ ⊟ ⊞ ⊞ ▣ ⊞ ▣ e ✳ ⊞ ▣ ⊟ ⊞ ⊟ ± ▣ ⊟ ± ⊟ ▣ $ ⊞ ⊟ ± ± ⊟ ± ± ⊞ ± ▣ ⊞ ⊞ ⊞ ⊟ ⊟ ⊞ ⊟ ⊞ ⊞ ⊟ ⊞ ±
⊞ ± ▣ ✳ ⊞ ▣ ▣ ▣ ⊟ ▣ ± ⊟ ± ▣ ⊞ ± ± ± ⊟ ⊟ ± ⊟ ▣ ⊟ ⊞ ▣ ⊞ ◊ ▣ ▣ × ⊟ ± ▣ ∠ ⊞ ⊞ ± ⊟ ⊞ ± ⊞ ▣ ⊟ ⊞ ▣ ⊟ ± ⊟ ⊟ ± ⊟ ⊟ ± ± ⊟ ◁ ▣ ⊟ ⊟ ▣ ⊞ ▣ ⊟ ± ⊟ ⊞ ▣ ▣ ⊞ ⊟ ⊞ ± ⊟ ⊟ ⊟ ⊞ ⊟ ⊞ ⊟
⊞ ꞯ ⊟ ⊞ ⊞ ⊞ ± ⊞ ⊞ ▣ ⊟ ± ⊞ ± ⊞ ▣ ⊞ ▣ ▣ ⊞ ⊞ ⊞ ⊞ ⊞ ▣ $ $ ± $ ⊟ ⊟ ▣ ± ▣ ⊞ ▣ ⊞ ⊟ ▣ ⊟ ▣ ▣ ▣ ± ▣ ± ± ⊞ ± ⊞ ± ⊞ ▣ ± ▣ ⊞ ⊞ ⊟ ▣ ⊟ ▣ ⊟ ⊟ ± ▣ ▣ ± ⊞ ⊞ ▣ ± ▣ ± ± ꞯ ▣ ▣ ▣ ▣ ⊟
⊟ ⊟ ⊟ ⊟ ± ⊞ ▣ ± ▣ ± ⊞ ± ⊞ ⊞ ▣ ⊟ ⊟ ± ▣ ⊞ ▣ ⊟ ± ▣ ▣ ⊟ ± ⊟ ± ⊞ ± ▣ ± ▣ ▣ ⊟ ⊞ ± ⊞ ⊟ ⊞ ± ꞯ ⊟ ⊞ ⊞ ɑ × ⊟ ± ⊞ ⊟ ⊞ ⊟ ▣ ⊞ ⊟ ⊟ ± ⊞ ⊟ ⊟ ▣ ▣ ⊟ ▣ ± ⊟ ⊟ ⊞ ⊞ ± ▣ ▣ ± ⊟ ⊞ ⊟ ± ⊞
± × ⊟ ± ǂ ⊞ ⊟ ▣ ▣ ± ± ⊞ ⊟ ▣ ± ⊞ ⊟ ⊞ ⊞ ▣ ▣ ⊟ ⊞ ▣ ▣ ± ⊟ ▣ ▣ ± ⊟ ± ⊞ ⊟ ▣ e ⊟ ⊞ ⊞ ± ▣ ▣ ▣ ± ∠ ⊟ ǂ ± ▣ ⊟ e ⊞ ± ± ± ▣ ⊟ ± ⊟ ⊟ ✳ ⊟ ⊞ ⊟ ± ⊟ ⊟ ± ⊞ ± ▣ ± ⊟ ⊟ ⊟ ⊞ ⊞ ⊞ ⊟ ⊞
± ⊟ ⊞ ⊟ ⊟ ∠ ⊟ ⊞ ± ▣ ▣ ⊟ ⊞ ▣ ▣ ▣ ± ▣ ⊞ 4 ▣ ▣ ▣ ▣ ⊞ ⊟ ± ± ▣ ⊞ ɑ ⊞ ⊟ ⊞ ▣ ⊟ ± ⊞ ⊞ ▣ ⊟ ± ⊞ ⊟ ▣ ⊟ ± ▣ ◁ ⊞ ⊟ ⊞ ± ▣ ⊞ ⊞ ⊟ ⊞ ⊞ ▣ ⊞ ▣ ± ▣ ▣ ▣ ✳ ± ⊞ ⊟ ▣ ⊟ ▣ ⊟ ± ⊞ ▣ ▣ ⊟ ⊟
± ⊞ ⊟ ± ▣ ⊟ ▣ ± ⊞ ⊞ ⊞ ⊟ ⊞ ◁ ǂ ▣ ± ⊟ e ⊞ ▣ ◁ L ǂ ⊞ ± ⊟ ± ꞯ ± ▣ ± ▣ ⊟ ⊟ ± ▣ ⊟ ⊞ ± ⊞ ▣ ⊟ ⊞ ⊟ ± ⊟ ▣ ⊞ ± ⊟ ⊞ ⊟ ⊞ ▣ ▣ ⊞ ⊞ ⊞ ± ⊞ ⊟ ⊟ ▣ ▣ ⊞ ⊟ ⊞ ⊟ × ⊟ ▣ ⊞ ▣ ▣ ⊟ ± ± ⊞ ⊞
± ⊞ ± ▣ ⊟ ⊟ ɑ ⊞ ⊞ ⊞ ⊞ ⊟ ± ⊞ ± ⊟ ⊞ ▣ ± ▣ ⊟ ⊟ ⊞ ⊟ ▣ ▣ ⊟ ⊟ ⊞ ⊞ ⊟ ± ⊞ ⊟ ± ± ▣ ± ± ± ± ⊟ ⊟ ± ± ⊟ ▣ ⊞ ⊟ ▣ ⊟ ± e ⊟ ⊞ ⊟ ▣ ▣ ± ▣ ± ▣ ⊞ ⊟ ▣ ⊞ ⊞ ± ▣ ⊟ ▣ ▣ ▣ ⊞ ⊞ ± ± ± ⊟ ▣
± + ± + ǂ ± ± ⊟ ǂ + ǂ + + ± ⊟ ⊟ + ⊟ ǂ ± ± ǂ ⊟ ⊟ + ⊟ ⊟ + ◊ ⊟ ǂ ǂ ⊟ ± ± + + ⊟ ǂ + + + ◁ + + ⊟ ± ǂ + ⊟ ± + ⊟ ⊟ ǂ ⊟ ǂ ⊟ ⊟ ǂ $ ⊟ + ⊟ + + ⊟ ⊟ ǂ ǂ + ⊟ ± ± ⊟ ⊟ ǂ ⊟ ǂ ⊟
+ ǂ ⊟ ⊟ ⊟ + ⊟ ± + ± ǂ $ ǂ ⊟ 4 ǂ ⊟ ǂ ± + + ± ǂ ⊟ + ǂ × ⊟ ǂ + ± ± ǂ ± ⊟ ± + ± ǂ ± ⊟ + ǂ ⊟ ⊟ ± ⊟ ± ± ǂ ± + ǂ ⊟ L ± ⊟ ǂ + ǂ ǂ ǂ + ⊟ + ǂ ǂ ⊟ + + ǂ ⊟ ± ± ǂ + ǂ ǂ ǂ +
± ǂ ± ± ɑ ⊟ ǂ + ± ⊟ + ± ǂ + ǂ + ⊟ + ± ǂ + ◁ + ǂ ǂ ± + + ǂ ⊟ + ⊟ ± + + ± ⊟ ǂ ± ǂ ǂ ⊟ ⊟ ⊟ ± ǂ + ± ǂ + ǂ ± ± ∠ ǂ ǂ + ǂ ǂ ⊟ ⊟ ⊟ ǂ ± ± ± ǂ + + ± ◊ ǂ + ⊟ + + ✳ ǂ ⊟ ⊟
⊟ ǂ ǂ ± ⊟ ⊞ ◊ ǂ ∠ ± ⊟ + ⊟ + + + 4 ǂ ⊟ + + ± ± + L ± ǂ + ǂ ǂ + ǂ ± ± L ⊟ ǂ + + ± ǂ ± ǂ + ⊟ ± ✳ + ǂ ǂ ǂ ± ⊟ ± ± ± ± ǂ ± ± ✳ ⊟ ǂ ǂ ǂ ⊟ ǂ ǂ ± ǂ × ⊟ ± ± ⊟ ǂ 4 + ǂ ⊟
⊟ + ± + + ǂ ǂ ⊠ ⊟ ± + ⊟ + ⊟ ǂ ± ⊟ ± ⊟ ǂ + ⊟ + ǂ + ǂ ǂ ǂ ± ± + ǂ ± + ± ǂ ⊟ ⊟ + ǂ ⊟ ⊟ ⊟ + ⊟ ± + ± + + + ⊟ ⊟ + ǂ + ± ± ǂ + + ± + ± + ± ⊟ ⊟ ± ǂ ǂ ⊟ ⊟ ⊟ + ± ± ǂ ± +
ǂ ⊟ + ± ǂ ± ǂ ⊟ ⊟ ± ⊟ + ǂ ǂ ǂ ± + × ǂ ⊟ ± ǂ + ± ± ǂ ± ⊟ ⊟ + ⊟ + ǂ ± ǂ ± ± ± ⊟ ⊟ ⊟ 4 ⊟ ǂ ± ǂ + ǂ ± e + ǂ + ± ǂ ǂ ⊟ ± + + ǂ + ± + ± ◊ ǂ ⊟ + ⊟ ± + ǂ ⊟ ± ± ⊟ ± ǂ ±
± ⊟ ɑ ⊟ ± ǂ ◊ + ± ǂ ǂ ∠ ⊟ + ⊟ ± ǂ ⊠ ± + + + + + + ǂ ꞯ ǂ ǂ + ± ǂ ⊟ + + + + ǂ ⊟ ⊟ ǂ ± ± + + ǂ ⊟ ✳ ± ǂ ◊ ± ± ǂ + ± ± ± ǂ ⊟ ǂ + ± ⊟ + ± ± + + ǂ ǂ ⊟ × ± ± + ⊟ ǂ ± ±
± ± ± + ǂ ⊞ + ⊟ + ǂ + ǂ + ⊟ ⊟ ǂ ± $ ± ± e + L ǂ × ⊟ ꞯ ǂ ǂ + + ⊟ ± ± + ± ± + ⊟ ⊟ + ⊟ + ± ⊟ + ǂ ǂ ⊟ ǂ ± ǂ + ± ⊟ ⊟ ǂ ǂ ± ± ± ⊞ ⊟ ǂ + ⊟ ± + ǂ ǂ ǂ ⊟ ⊟ + ± ⊟ + ǂ ⊟ ±
⊟ ǂ + ǂ + ± + + + ± + + ⊟ + ⊟ ⊟ + ǂ ǂ ± ǂ ǂ ± ⊟ ⊟ ⊟ ǂ ✳ ǂ + ⊟ ǂ + ± + + ± ± ± + + + ⊟ ⊟ + ± ǂ ± ǂ + $ ± ⊟ ⊟ ± ⊟ + ± ± + ꞯ ǂ ǂ + ± ǂ + ǂ ± ± + ⊟ ⊟ ± ± + ± ± ± ⊟
± ± ⊟ ⊟ + ǂ ± L ǂ ± ⊟ ⊟ + ǂ ⊟ + ǂ ± ǂ ± ⊟ + ǂ ▣ ⊟ ǂ + + ǂ ǂ + ± ǂ e ǂ + ⊟ + ± ⊟ ⊟ ± ± ⊟ + + ⊟ ǂ ǂ ⊟ + ǂ ± ⊟ ± ± ⊟ ± ⊟ ⊟ + ǂ ∠ ǂ ǂ + ⊟ + ⊟ ⊟ ± + ⊟ ǂ + ⊟ ± ǂ ± ⊟
⊟ e ± ◁ ∠ ± ± ± ǂ + ǂ ǂ ± ǂ ± ǂ ± ⊟ + + + ± ǂ ⊟ + $ ⊟ × ± × ± ⊟ + ⊟ ± ⊟ ⊟ ± + ǂ ǂ ⊟ ⊟ ⊟ ± ǂ ǂ ⊟ ± + ǂ ± ⊟ ▣ + × ± ⊟ ± ⊟ + ǂ ⊟ ǂ + ⊟ ǂ ɑ ± ± ± + ± + + ǂ ⊟ + ⊟ L
ǂ L ⊟ ⊟ + + + ⊟ ± ⊞ ⊞ + ǂ ⊟ ± ± ǂ ⊟ ± + ± ▣ ± ± + ǂ ǂ ǂ ⊟ ⊟ ⊞ ± ± ⊟ ⊟ ⊟ + ± ⊟ ± ǂ ꞯ ± ± ± ǂ ⊟ ǂ ⊟ + ⊠ ǂ ± ǂ ± ǂ $ ⊟ ǂ ± ǂ ǂ ± ǂ ⊟ ǂ + ⊟ ± + ǂ + ± + ǂ + ± ǂ ◊ +
± ǂ ✳ + ⊟ ⊟ + + ⊟ ± ± ǂ ǂ ⊟ ǂ ± $ ± ± ⊟ ǂ + ǂ + ⊟ ǂ ⊟ $ + + ⊟ ⊟ + ± + ± ⊟ ± ⊟ ± + ǂ ǂ ⊟ ǂ × ± ǂ ± ǂ + ǂ ± ǂ ± ± ǂ ⊟ ⊟ ⊟ ± + ⊟ ± ∠ ± ⊟ ⊟ ⊟ $ ⊟ + ± + ǂ ⊟ ǂ ▣ ⊟ ⊟
± + ◊ ǂ + ǂ + + $ ǂ + + ǂ + ǂ + ⊟ + ± + + ǂ ǂ ǂ ǂ + ▣ ⊟ + ǂ ± + + + + + ⊟ + + ǂ ± + ± ⊟ + ⊞ ⊟ ± ⊟ ⊟ ± ± + ± ǂ ǂ e ⊟ ± ⊟ ± ± ⊠ + + ± ± ± ⊟ ⊟ ⊟ ± ǂ + ± ± ⊟ ± ± ǂ
± + ǂ ± ǂ ± ǂ ± ǂ ǂ ⊟ ± + ǂ + ǂ ± ǂ ⊟ ± ǂ + ± ± ǂ + ± ± + ± ± ± ± ± + + ⊟ + ⊟ + ⊟ ⊟ ⊟ ǂ + ǂ ± ± ± ǂ ± ± ± ǂ ⊟ ⊟ ⊟ ǂ + ⊟ + ǂ ⊟ ǂ 4 ǂ ± ǂ ⊟ ± + ⊟ ꞯ + ǂ ǂ ± ǂ + +
ǂ + ǂ + + ± ± + ⊟ ǂ + ǂ ǂ + ǂ ⊟ ǂ ⊟ ± + ± ǂ ± + ǂ + ǂ + ± + ⊟ ǂ ± ǂ + ± ⊟ + ⊟ ◁ ǂ ± ± $ ± ǂ ± + ± + + ± ± ± + + ± + ǂ + + ± + ⊟ ǂ ǂ ± ± ǂ ǂ + + ± + + ⊟ ǂ ǂ ⊟ +
± ± ± ± ± ± ǂ ǂ + × ǂ ± ⊟ ǂ ▣ ± ⊞ + ± ± + ⊟ + ± ± + ǂ ǂ + ǂ + ⊟ ± ± ⊟ + + ǂ + ⊟ + ± ± ǂ ± + ± ± ⊟ + ǂ + ± ± ± + ± ± ⊟ ǂ ± ± + ± + ⊟ ǂ ± ⊟ ⊞ ⊟ ± ǂ ⊟ ⊟ ± ǂ ± ⊟ ⊟
ǂ ⊟ ǂ ± ⊟ + ± ± + ◊ + + + ± ǂ ǂ ⊟ ǂ ǂ ⊟ + + + ǂ ± ± ǂ ǂ + ± ± ✳ ± + ǂ ± ǂ 4 ± ǂ ± ǂ ± ⊟ ⊟ + + ± ⊟ ǂ ✳ ⊟ + ± + ± + ǂ ǂ ⊟ + ǂ ǂ ǂ + ǂ ⊟ + ± ⊟ + + ǂ ⊟ + ⊟ ± + ⊟ ǂ
+ ǂ + ⊟ ǂ ǂ + ⊟ ✳ ǂ ǂ ± ± ǂ + ⊟ ǂ + + + ± ǂ ⊟ ± + ± ⊟ ⊟ + ⊟ ◊ ± ± ⊟ ǂ ǂ + ⊟ ǂ ǂ ± ⊟ ± ǂ ǂ + ⊟ ⊟ ± + ǂ ⊟ ∠ ǂ ꞯ ± ± ± + × + ± ± ǂ ± ⊟ + ⊟ + ǂ + ± + + e ± ⊟ ⊟ + ⊟
± + ⊟ + e ± ⊟ ǂ ⊟ ± ± ǂ ⊟ ǂ + ⊟ ± + ⊟ ✳ ǂ ǂ + + ⊟ + ǂ ⊟ ⊟ ▣ + ǂ ⊟ ± ± ± ǂ ǂ ⊟ ǂ ± ⊟ ± + ǂ ǂ $ ǂ ± + ǂ ⊟ ǂ + ± ⊟ ± ± ⊟ ⊟ ∠ ± + ⊟ ǂ ± ǂ ± ± ⊟ ± ± + + ± + ± ⊟ + +
∠ ± + ⊟ ± + ± ⊟ ǂ ǂ ± ⊟ + + + ⊟ ± ǂ ǂ ± ± ⊟ ± + ± ◁ ǂ ± ± + ǂ ▣ ǂ ⊟ ⊟ ⊟ ± + ⊟ ǂ + ǂ + + ǂ ± ǂ + + ⊟ ± + ± ◁ ǂ ⊟ ǂ ⊟ ± + ⊟ + L ▣ ǂ ⊟ ǂ ǂ ǂ + ± ± + ǂ ± + ± ⊟ ǂ +
± ± ⊟ ± ⊟ ǂ ± + + ǂ ǂ + ǂ ǂ ⊟ ± ǂ ± ǂ ± ǂ ⊟ + + ǂ ± ⊟ ǂ + ⊟ ± + ± ± $ ± ± ± + ǂ ± ± ǂ + + ǂ ⊟ ǂ ǂ ± + ± + ± ± ⊟ ± ⊟ + + ⊟ + ⊟ ± ǂ ǂ ǂ ǂ ± ǂ ǂ ± ⊟ ǂ ǂ × + + ⊟ +
⊟ ± ⊠ + 4 ⊟ e ∠ ⊟ ⊟ ǂ + + + ± ± + × ǂ ǂ ǂ ± ǂ ± ⊟ ± ǂ ⊟ ± ǂ ⊟ ± ± ǂ + ⊟ ⊟ ǂ ⊟ + ± ǂ ± ± ± ± + ǂ ± + + ǂ + ⊟ ± + + ± ± ✳ ⊟ ǂ ǂ ± + ǂ ± + ǂ ǂ + ǂ ⊠ ± + + ǂ ⊟ ± ±
× + ⊟ ± + ǂ ǂ ± ± ǂ ⊟ + ⊟ + ± ∠ ǂ × + ± ⊟ ǂ ± ⊟ + ± ± ǂ ⊟ + ± ± ± + + + ⊟ ǂ ⊟ ǂ + ± + + ⊟ ǂ e ± ± ⊟ + ± ⊟ ⊟ ± + ǂ ± $ ǂ ǂ ǂ L ⊟ ǂ ⊟ ± + + ǂ ǂ ꞯ + ⊟ ± L e ⊟ ǂ ⊟
ǂ ± ǂ ± ǂ ǂ ⊟ ± ǂ + ǂ + ⊟ ± ǂ ± ǂ ◊ + ǂ + ± ⊟ ǂ ǂ L + ± ⊟ + ± ⊟ ǂ ⊟ + + ± ǂ + + ⊟ ǂ ± ⊟ ǂ ⊟ ± ⊟ ± ⊟ ⊞ ⊟ ⊟ ± ⊟ + + ǂ ⊟ ± ǂ ± ǂ + ⊟ ǂ ⊟ ǂ + ⊟ + ǂ ǂ ± ⊟ + ⊟ + ± ⊟
ɑ ✳ ⊠ ⊟ ǂ ⊟ + ⊟ L ⊠ ∠ ⊟ ǂ ⊟ + + + ⊟ ± + + ⊟ + ∠ ǂ ± ± ⊞ ⊟ + ± + + ǂ ± ± ± + ⊟ ⊟ ǂ + ± + ⊟ ǂ ⊟ ⊠ ǂ + ± ⊟ ± ⊟ ± ǂ ǂ ⊟ ǂ + ± ± ǂ ⊟ ⊟ ǂ + ǂ + ▣ ⊟ ⊞ ǂ ± ⊟ ⊟ ⊟ ǂ ± ⊟
± ± ǂ ǂ + ± ⊟ + ⊟ ǂ ǂ ± + ± ± + ǂ + + ± ⊟ ⊟ ± ⊟ ⊟ ± ǂ 4 ⊟ ± ǂ ± ǂ ǂ 4 ± ± ± ǂ ⊟ + ǂ ⊟ ± ⊟ + ± ⊟ ⊞ + ⊟ ǂ ⊟ ⊟ ⊟ ⊟ ± + + ǂ + ǂ ⊟ + + ± ⊟ ± ± + ⊟ ǂ ± ǂ + ± ɑ ± + +
± ⊟ + + ± + ǂ + ǂ + ⊟ + ǂ + + + ǂ ǂ ± ± ± ǂ + ǂ ǂ ± ⊟ ⊟ ǂ ± ± ± ǂ ⊟ ± ⊟ + ± + ǂ ± + ǂ + ǂ ± ± + + ± ǂ + ◁ ǂ ꞯ ⊟ ǂ ± ǂ ǂ ⊟ ⊟ ± ⊟ ǂ + ⊟ ± ± ǂ ⊟ + ǂ ⊟ ⊟ 4 ǂ ǂ ⊟ ±
+ ◊ ± ± + + + ◁ ǂ ⊟ ǂ ⊟ + + ± + ǂ ⊟ + + ǂ + ǂ + + ǂ + ⊟ ǂ + ǂ + + ⊟ ⊟ ⊟ + ± ǂ + ǂ ⊟ ǂ ± ± + ⊟ ǂ ⊟ ∠ ⊟ ± ± ± ⊟ ǂ + ± + ± ⊟ ± ◁ ± ǂ ⊞ ⊟ ± ± ⊟ + ± ± ± ⊟ + ǂ ɑ ǂ ǂ
+ ǂ × + ± ± + ⊟ ± ⊟ ± ǂ ⊟ ǂ ⊟ + ǂ ɑ ± 4 ⊟ ± ± ± ± ǂ + ǂ + ⊟ ⊟ ǂ ± ± ± ± + L ⊞ + + + + + ⊟ + ǂ ǂ ǂ ǂ ± ◊ ǂ + ± ⊟ + ± ⊟ ⊟ ɑ × ǂ ⊟ × ± ± + ± ⊟ ǂ ⊟ ± + ⊟ + ⊟ ⊞ ± +
± ǂ ǂ + ǂ ǂ ± ǂ ± ± ± ⊟ ǂ ⊟ ⊟ + ⊟ ⊟ ⊟ + ǂ + ⊟ ± + ǂ ⊟ + ± ǂ ⊟ ± ǂ + ± ⊟ + ⊟ ⊟ ± ± ⊟ ⊟ ǂ ± ± ± + + L ⊟ ± ⊞ + ǂ + ◁ ⊟ ± ǂ ǂ ⊟ ǂ + ⊟ ǂ + ⊟ ± ǂ + ⊟ ǂ ± ± ± ⊟ ǂ ⊟ +
+ ± ± ǂ ± ⊟ ǂ ⊟ ⊟ + + + ⊟ + ǂ + ⊟ ǂ ± ◊ + + ◊ ǂ ǂ × ± ⊟ ± ⊟ + ± + ǂ + ǂ ⊟ ǂ ± ǂ ⊟ ǂ ⊟ ǂ ⊟ ± ⊟ ± ⊟ ± ± ⊟ ◊ ± ± ± ǂ ǂ + + ǂ ⊟ ✳ ǂ ⊟ ǂ × ± ⊟ ⊟ ǂ ± ǂ e ǂ + ⊠ ǂ ǂ ⊠
10	20	30	40	50	60	70	80
300
310
320
330
340
350
360
370
380
390
(21)	Art-goblen	(22)
